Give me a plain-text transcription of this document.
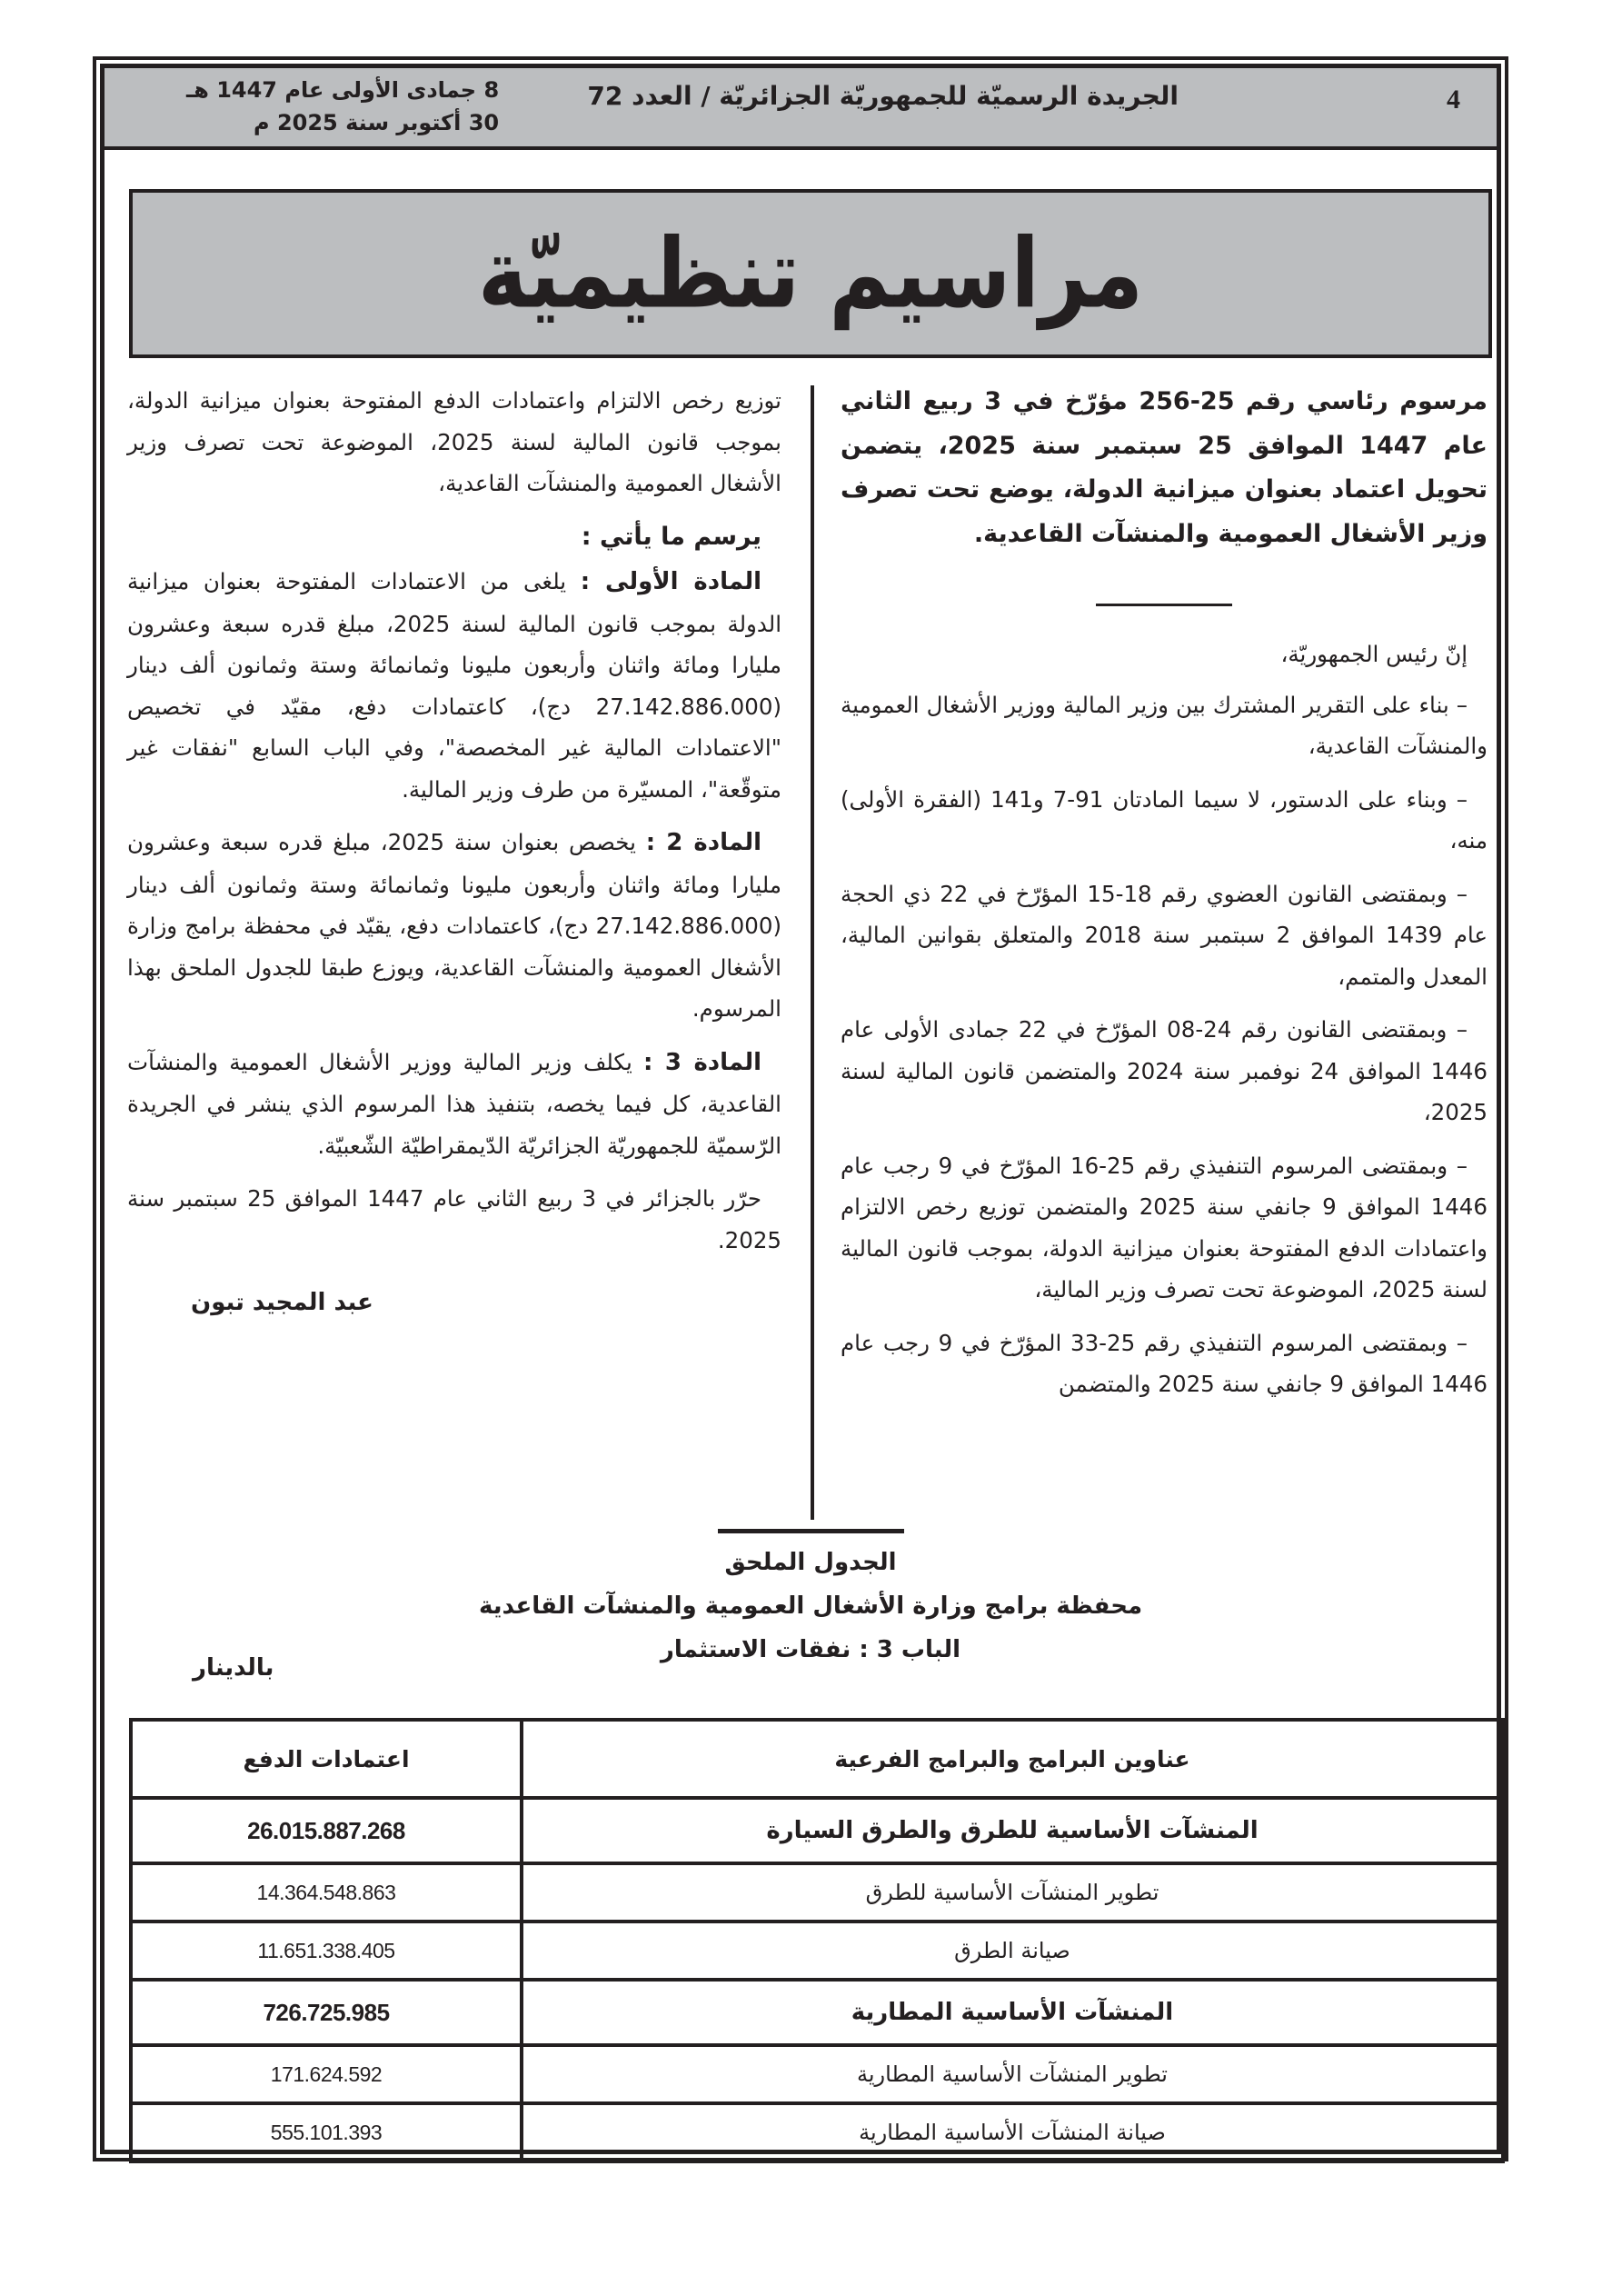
4
الجريدة الرسميّة للجمهوريّة الجزائريّة / العدد 72
8 جمادى الأولى عام 1447 هـ
30 أكتوبر سنة 2025 م
مراسيم تنظيميّة
مرسوم رئاسي رقم 25-256 مؤرّخ في 3 ربيع الثاني عام 1447 الموافق 25 سبتمبر سنة 2025، يتضمن تحويل اعتماد بعنوان ميزانية الدولة، يوضع تحت تصرف وزير الأشغال العمومية والمنشآت القاعدية.

إنّ رئيس الجمهوريّة،

– بناء على التقرير المشترك بين وزير المالية ووزير الأشغال العمومية والمنشآت القاعدية،

– وبناء على الدستور، لا سيما المادتان 91-7 و141 (الفقرة الأولى) منه،

– وبمقتضى القانون العضوي رقم 18-15 المؤرّخ في 22 ذي الحجة عام 1439 الموافق 2 سبتمبر سنة 2018 والمتعلق بقوانين المالية، المعدل والمتمم،

– وبمقتضى القانون رقم 24-08 المؤرّخ في 22 جمادى الأولى عام 1446 الموافق 24 نوفمبر سنة 2024 والمتضمن قانون المالية لسنة 2025،

– وبمقتضى المرسوم التنفيذي رقم 25-16 المؤرّخ في 9 رجب عام 1446 الموافق 9 جانفي سنة 2025 والمتضمن توزيع رخص الالتزام واعتمادات الدفع المفتوحة بعنوان ميزانية الدولة، بموجب قانون المالية لسنة 2025، الموضوعة تحت تصرف وزير المالية،

– وبمقتضى المرسوم التنفيذي رقم 25-33 المؤرّخ في 9 رجب عام 1446 الموافق 9 جانفي سنة 2025 والمتضمن

توزيع رخص الالتزام واعتمادات الدفع المفتوحة بعنوان ميزانية الدولة، بموجب قانون المالية لسنة 2025، الموضوعة تحت تصرف وزير الأشغال العمومية والمنشآت القاعدية،

يرسم ما يأتي :

المادة الأولى : يلغى من الاعتمادات المفتوحة بعنوان ميزانية الدولة بموجب قانون المالية لسنة 2025، مبلغ قدره سبعة وعشرون مليارا ومائة واثنان وأربعون مليونا وثمانمائة وستة وثمانون ألف دينار (27.142.886.000 دج)، كاعتمادات دفع، مقيّد في تخصيص "الاعتمادات المالية غير المخصصة"، وفي الباب السابع "نفقات غير متوقّعة"، المسيّرة من طرف وزير المالية.

المادة 2 : يخصص بعنوان سنة 2025، مبلغ قدره سبعة وعشرون مليارا ومائة واثنان وأربعون مليونا وثمانمائة وستة وثمانون ألف دينار (27.142.886.000 دج)، كاعتمادات دفع، يقيّد في محفظة برامج وزارة الأشغال العمومية والمنشآت القاعدية، ويوزع طبقا للجدول الملحق بهذا المرسوم.

المادة 3 : يكلف وزير المالية ووزير الأشغال العمومية والمنشآت القاعدية، كل فيما يخصه، بتنفيذ هذا المرسوم الذي ينشر في الجريدة الرّسميّة للجمهوريّة الجزائريّة الدّيمقراطيّة الشّعبيّة.

حرّر بالجزائر في 3 ربيع الثاني عام 1447 الموافق 25 سبتمبر سنة 2025.

عبد المجيد تبون
الجدول الملحق
محفظة برامج وزارة الأشغال العمومية والمنشآت القاعدية
الباب 3 : نفقات الاستثمار
بالدينار
عناوين البرامج والبرامج الفرعية	اعتمادات الدفع
المنشآت الأساسية للطرق والطرق السيارة	26.015.887.268
تطوير المنشآت الأساسية للطرق	14.364.548.863
صيانة الطرق	11.651.338.405
المنشآت الأساسية المطارية	726.725.985
تطوير المنشآت الأساسية المطارية	171.624.592
صيانة المنشآت الأساسية المطارية	555.101.393
